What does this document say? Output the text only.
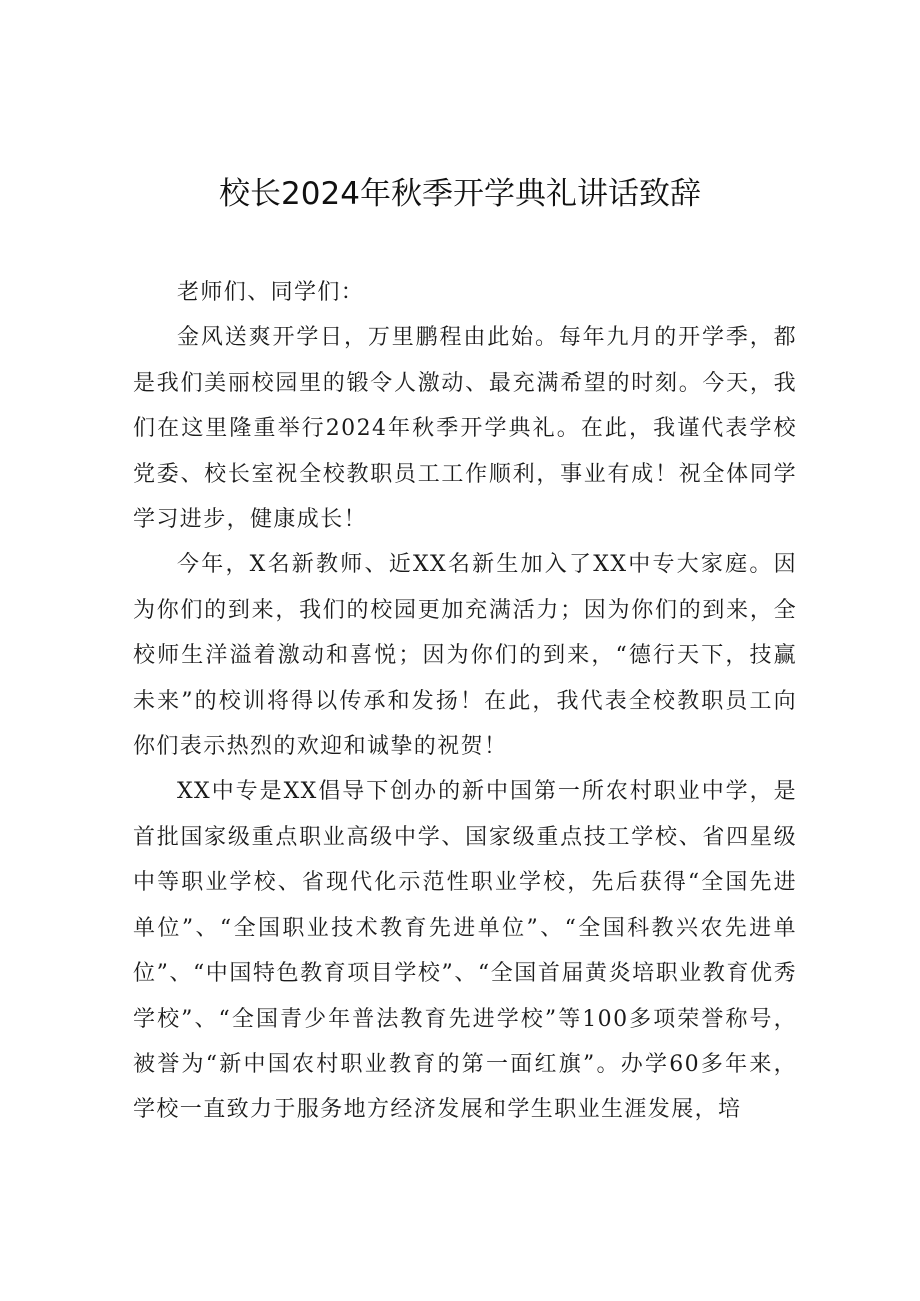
校长2024年秋季开学典礼讲话致辞

老师们、同学们：

金风送爽开学日，万里鹏程由此始。每年九月的开学季，都是我们美丽校园里的锻令人激动、最充满希望的时刻。今天，我们在这里隆重举行2024年秋季开学典礼。在此，我谨代表学校党委、校长室祝全校教职员工工作顺利，事业有成！祝全体同学学习进步，健康成长！

今年，X名新教师、近XX名新生加入了XX中专大家庭。因为你们的到来，我们的校园更加充满活力；因为你们的到来，全校师生洋溢着激动和喜悦；因为你们的到来，“德行天下，技赢未来”的校训将得以传承和发扬！在此，我代表全校教职员工向你们表示热烈的欢迎和诚挚的祝贺！

XX中专是XX倡导下创办的新中国第一所农村职业中学，是首批国家级重点职业高级中学、国家级重点技工学校、省四星级中等职业学校、省现代化示范性职业学校，先后获得“全国先进单位”、“全国职业技术教育先进单位”、“全国科教兴农先进单位”、“中国特色教育项目学校”、“全国首届黄炎培职业教育优秀学校”、“全国青少年普法教育先进学校”等100多项荣誉称号，被誉为“新中国农村职业教育的第一面红旗”。办学60多年来，学校一直致力于服务地方经济发展和学生职业生涯发展，培
